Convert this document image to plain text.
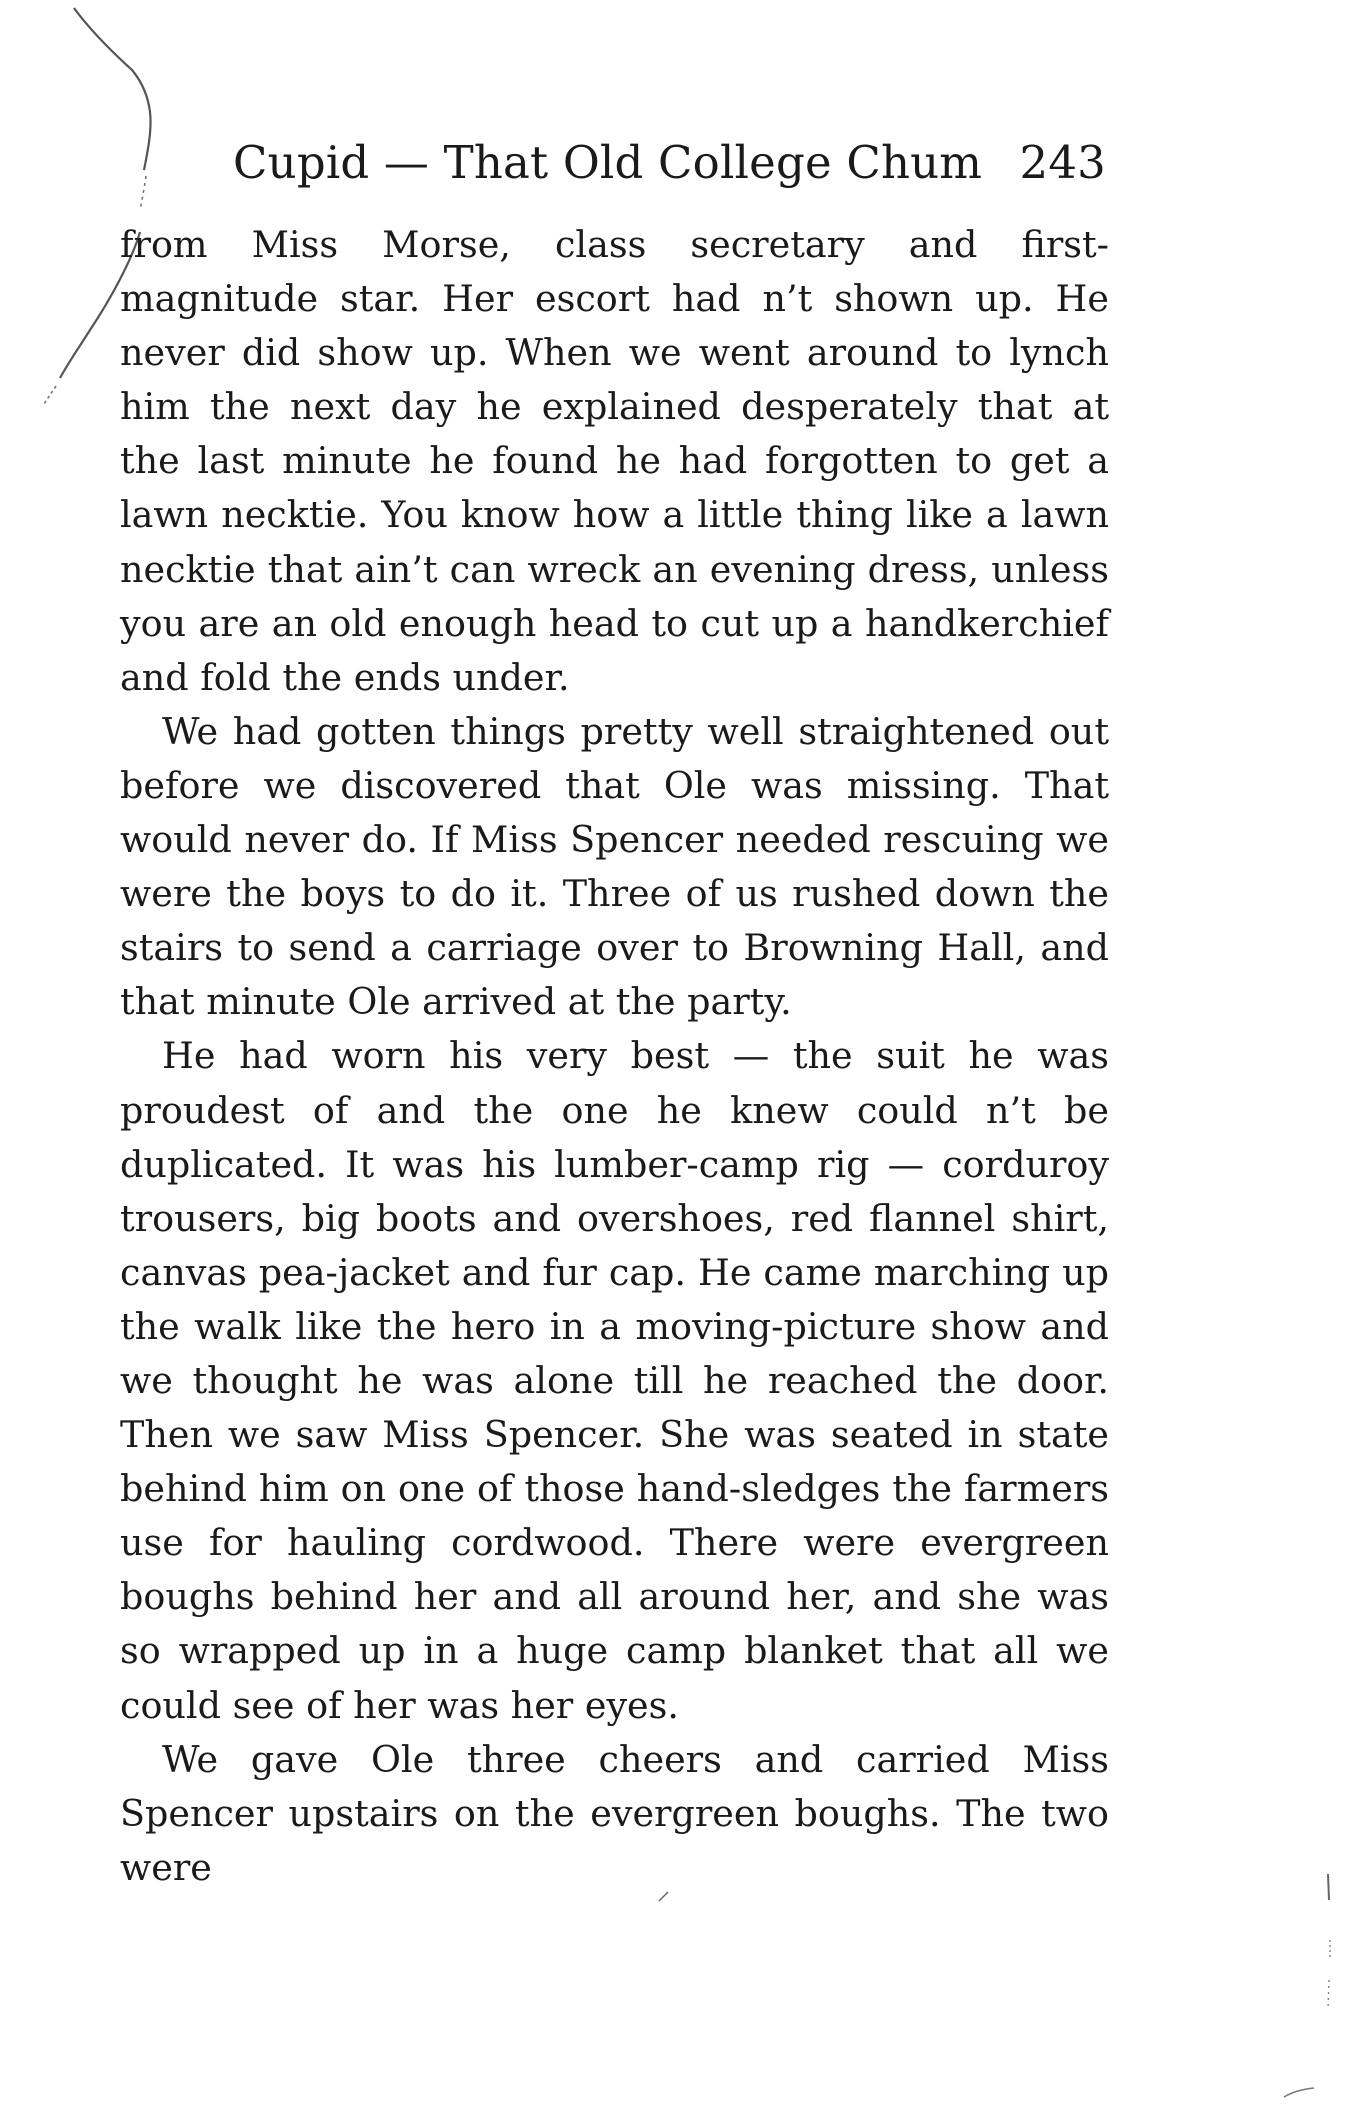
Cupid — That Old College Chum 243

from Miss Morse, class secretary and first-magnitude star. Her escort had n’t shown up. He never did show up. When we went around to lynch him the next day he explained desperately that at the last minute he found he had forgotten to get a lawn necktie. You know how a little thing like a lawn necktie that ain’t can wreck an evening dress, unless you are an old enough head to cut up a handkerchief and fold the ends under.

We had gotten things pretty well straightened out before we discovered that Ole was missing. That would never do. If Miss Spencer needed rescuing we were the boys to do it. Three of us rushed down the stairs to send a carriage over to Browning Hall, and that minute Ole arrived at the party.

He had worn his very best — the suit he was proudest of and the one he knew could n’t be duplicated. It was his lumber-camp rig — corduroy trousers, big boots and overshoes, red flannel shirt, canvas pea-jacket and fur cap. He came marching up the walk like the hero in a moving-picture show and we thought he was alone till he reached the door. Then we saw Miss Spencer. She was seated in state behind him on one of those hand-sledges the farmers use for hauling cordwood. There were evergreen boughs behind her and all around her, and she was so wrapped up in a huge camp blanket that all we could see of her was her eyes.

We gave Ole three cheers and carried Miss Spencer upstairs on the evergreen boughs. The two were
